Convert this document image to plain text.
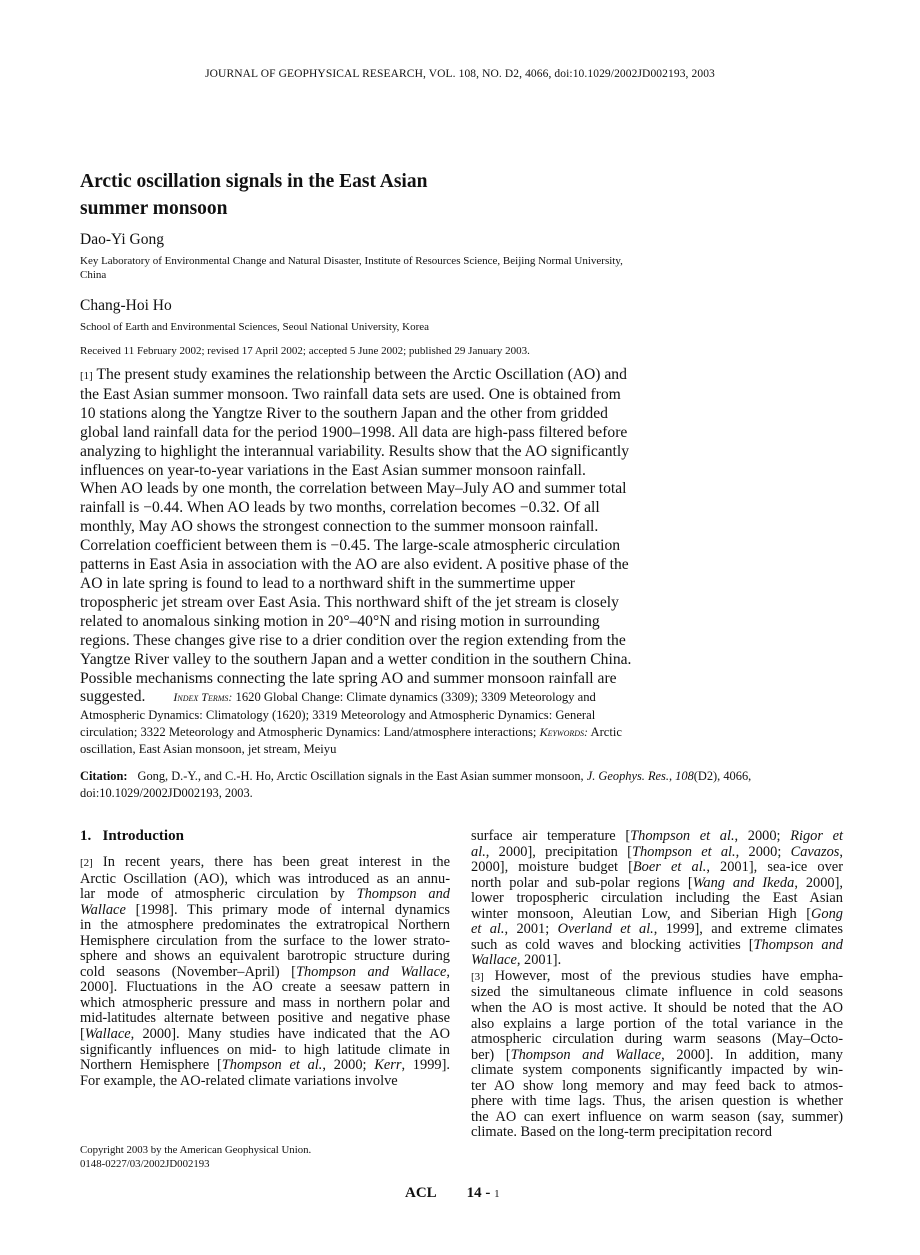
JOURNAL OF GEOPHYSICAL RESEARCH, VOL. 108, NO. D2, 4066, doi:10.1029/2002JD002193, 2003
Arctic oscillation signals in the East Asian
summer monsoon
Dao-Yi Gong
Key Laboratory of Environmental Change and Natural Disaster, Institute of Resources Science, Beijing Normal University,
China
Chang-Hoi Ho
School of Earth and Environmental Sciences, Seoul National University, Korea
Received 11 February 2002; revised 17 April 2002; accepted 5 June 2002; published 29 January 2003.
[1] The present study examines the relationship between the Arctic Oscillation (AO) and
the East Asian summer monsoon. Two rainfall data sets are used. One is obtained from
10 stations along the Yangtze River to the southern Japan and the other from gridded
global land rainfall data for the period 1900–1998. All data are high-pass filtered before
analyzing to highlight the interannual variability. Results show that the AO significantly
influences on year-to-year variations in the East Asian summer monsoon rainfall.
When AO leads by one month, the correlation between May–July AO and summer total
rainfall is −0.44. When AO leads by two months, correlation becomes −0.32. Of all
monthly, May AO shows the strongest connection to the summer monsoon rainfall.
Correlation coefficient between them is −0.45. The large-scale atmospheric circulation
patterns in East Asia in association with the AO are also evident. A positive phase of the
AO in late spring is found to lead to a northward shift in the summertime upper
tropospheric jet stream over East Asia. This northward shift of the jet stream is closely
related to anomalous sinking motion in 20°–40°N and rising motion in surrounding
regions. These changes give rise to a drier condition over the region extending from the
Yangtze River valley to the southern Japan and a wetter condition in the southern China.
Possible mechanisms connecting the late spring AO and summer monsoon rainfall are
suggested. Index Terms: 1620 Global Change: Climate dynamics (3309); 3309 Meteorology and
Atmospheric Dynamics: Climatology (1620); 3319 Meteorology and Atmospheric Dynamics: General
circulation; 3322 Meteorology and Atmospheric Dynamics: Land/atmosphere interactions; Keywords: Arctic
oscillation, East Asian monsoon, jet stream, Meiyu
Citation: Gong, D.-Y., and C.-H. Ho, Arctic Oscillation signals in the East Asian summer monsoon, J. Geophys. Res., 108(D2), 4066,
doi:10.1029/2002JD002193, 2003.
1.   Introduction
[2] In recent years, there has been great interest in the
Arctic Oscillation (AO), which was introduced as an annu-
lar mode of atmospheric circulation by Thompson and
Wallace [1998]. This primary mode of internal dynamics
in the atmosphere predominates the extratropical Northern
Hemisphere circulation from the surface to the lower strato-
sphere and shows an equivalent barotropic structure during
cold seasons (November–April) [Thompson and Wallace,
2000]. Fluctuations in the AO create a seesaw pattern in
which atmospheric pressure and mass in northern polar and
mid-latitudes alternate between positive and negative phase
[Wallace, 2000]. Many studies have indicated that the AO
significantly influences on mid- to high latitude climate in
Northern Hemisphere [Thompson et al., 2000; Kerr, 1999].
For example, the AO-related climate variations involve
Copyright 2003 by the American Geophysical Union.
0148-0227/03/2002JD002193
surface air temperature [Thompson et al., 2000; Rigor et
al., 2000], precipitation [Thompson et al., 2000; Cavazos,
2000], moisture budget [Boer et al., 2001], sea-ice over
north polar and sub-polar regions [Wang and Ikeda, 2000],
lower tropospheric circulation including the East Asian
winter monsoon, Aleutian Low, and Siberian High [Gong
et al., 2001; Overland et al., 1999], and extreme climates
such as cold waves and blocking activities [Thompson and
Wallace, 2001].
[3] However, most of the previous studies have empha-
sized the simultaneous climate influence in cold seasons
when the AO is most active. It should be noted that the AO
also explains a large portion of the total variance in the
atmospheric circulation during warm seasons (May–Octo-
ber) [Thompson and Wallace, 2000]. In addition, many
climate system components significantly impacted by win-
ter AO show long memory and may feed back to atmos-
phere with time lags. Thus, the arisen question is whether
the AO can exert influence on warm season (say, summer)
climate. Based on the long-term precipitation record
ACL 14 - 1
